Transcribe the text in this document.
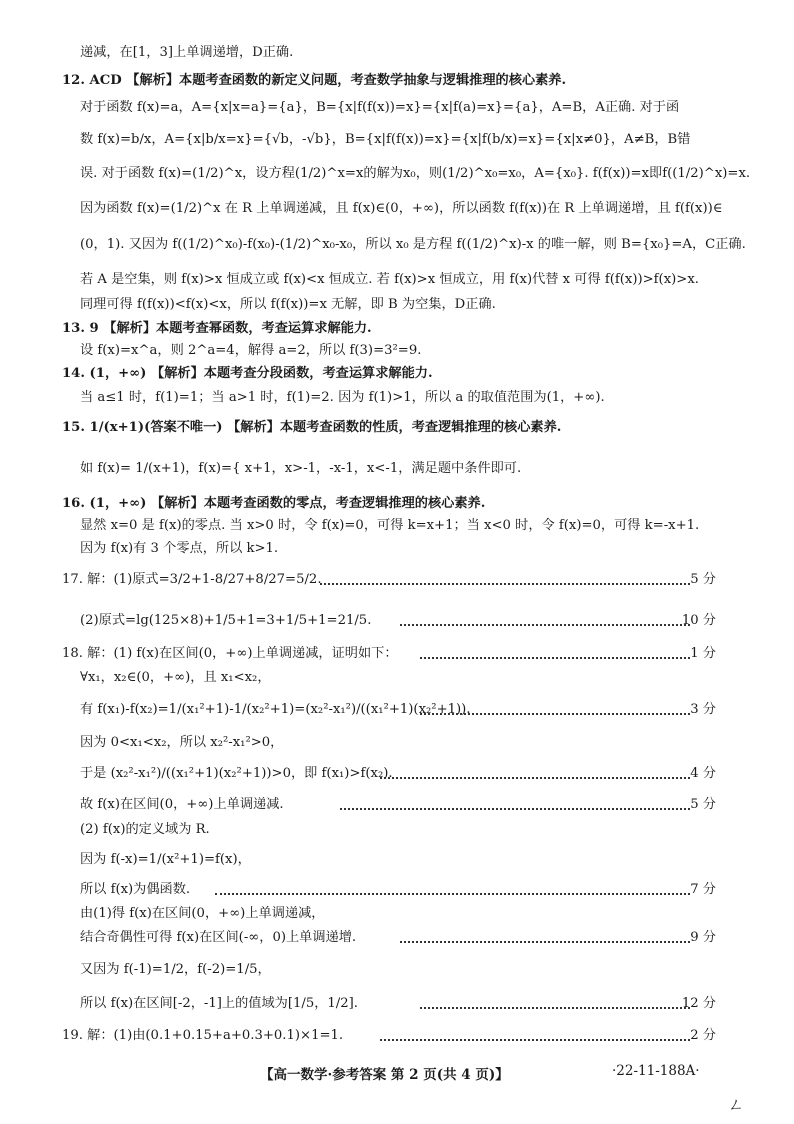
递减，在[1，3]上单调递增，D正确.
12. ACD 【解析】本题考查函数的新定义问题，考查数学抽象与逻辑推理的核心素养.
对于函数 f(x)=a，A={x|x=a}={a}，B={x|f(f(x))=x}={x|f(a)=x}={a}，A=B，A正确. 对于函
数 f(x)=b/x，A={x|b/x=x}={√b，-√b}，B={x|f(f(x))=x}={x|f(b/x)=x}={x|x≠0}，A≠B，B错
误. 对于函数 f(x)=(1/2)^x，设方程(1/2)^x=x的解为x₀，则(1/2)^x₀=x₀，A={x₀}. f(f(x))=x即f((1/2)^x)=x.
因为函数 f(x)=(1/2)^x 在 R 上单调递减，且 f(x)∈(0，+∞)，所以函数 f(f(x))在 R 上单调递增，且 f(f(x))∈
(0，1). 又因为 f((1/2)^x₀)-f(x₀)-(1/2)^x₀-x₀，所以 x₀ 是方程 f((1/2)^x)-x 的唯一解，则 B={x₀}=A，C正确.
若 A 是空集，则 f(x)>x 恒成立或 f(x)<x 恒成立. 若 f(x)>x 恒成立，用 f(x)代替 x 可得 f(f(x))>f(x)>x.
同理可得 f(f(x))<f(x)<x，所以 f(f(x))=x 无解，即 B 为空集，D正确.
13. 9 【解析】本题考查幂函数，考查运算求解能力.
设 f(x)=x^a，则 2^a=4，解得 a=2，所以 f(3)=3²=9.
14. (1，+∞) 【解析】本题考查分段函数，考查运算求解能力.
当 a≤1 时，f(1)=1；当 a>1 时，f(1)=2. 因为 f(1)>1，所以 a 的取值范围为(1，+∞).
15. 1/(x+1)(答案不唯一) 【解析】本题考查函数的性质，考查逻辑推理的核心素养.
如 f(x)= 1/(x+1)，f(x)={ x+1，x>-1，-x-1，x<-1，满足题中条件即可.
16. (1，+∞) 【解析】本题考查函数的零点，考查逻辑推理的核心素养.
显然 x=0 是 f(x)的零点. 当 x>0 时，令 f(x)=0，可得 k=x+1；当 x<0 时，令 f(x)=0，可得 k=-x+1.
因为 f(x)有 3 个零点，所以 k>1.
17. 解：(1)原式=3/2+1-8/27+8/27=5/2.	5 分
(2)原式=lg(125×8)+1/5+1=3+1/5+1=21/5.	10 分
18. 解：(1) f(x)在区间(0，+∞)上单调递减，证明如下：	1 分
∀x₁，x₂∈(0，+∞)，且 x₁<x₂，
有 f(x₁)-f(x₂)=1/(x₁²+1)-1/(x₂²+1)=(x₂²-x₁²)/((x₁²+1)(x₂²+1)).	3 分
因为 0<x₁<x₂，所以 x₂²-x₁²>0，
于是 (x₂²-x₁²)/((x₁²+1)(x₂²+1))>0，即 f(x₁)>f(x₂).	4 分
故 f(x)在区间(0，+∞)上单调递减.	5 分
(2) f(x)的定义域为 R.
因为 f(-x)=1/(x²+1)=f(x)，
所以 f(x)为偶函数.	7 分
由(1)得 f(x)在区间(0，+∞)上单调递减，
结合奇偶性可得 f(x)在区间(-∞，0)上单调递增.	9 分
又因为 f(-1)=1/2，f(-2)=1/5，
所以 f(x)在区间[-2，-1]上的值域为[1/5，1/2].	12 分
19. 解：(1)由(0.1+0.15+a+0.3+0.1)×1=1.	2 分
【高一数学·参考答案 第 2 页(共 4 页)】	·22-11-188A·
ㄥ
